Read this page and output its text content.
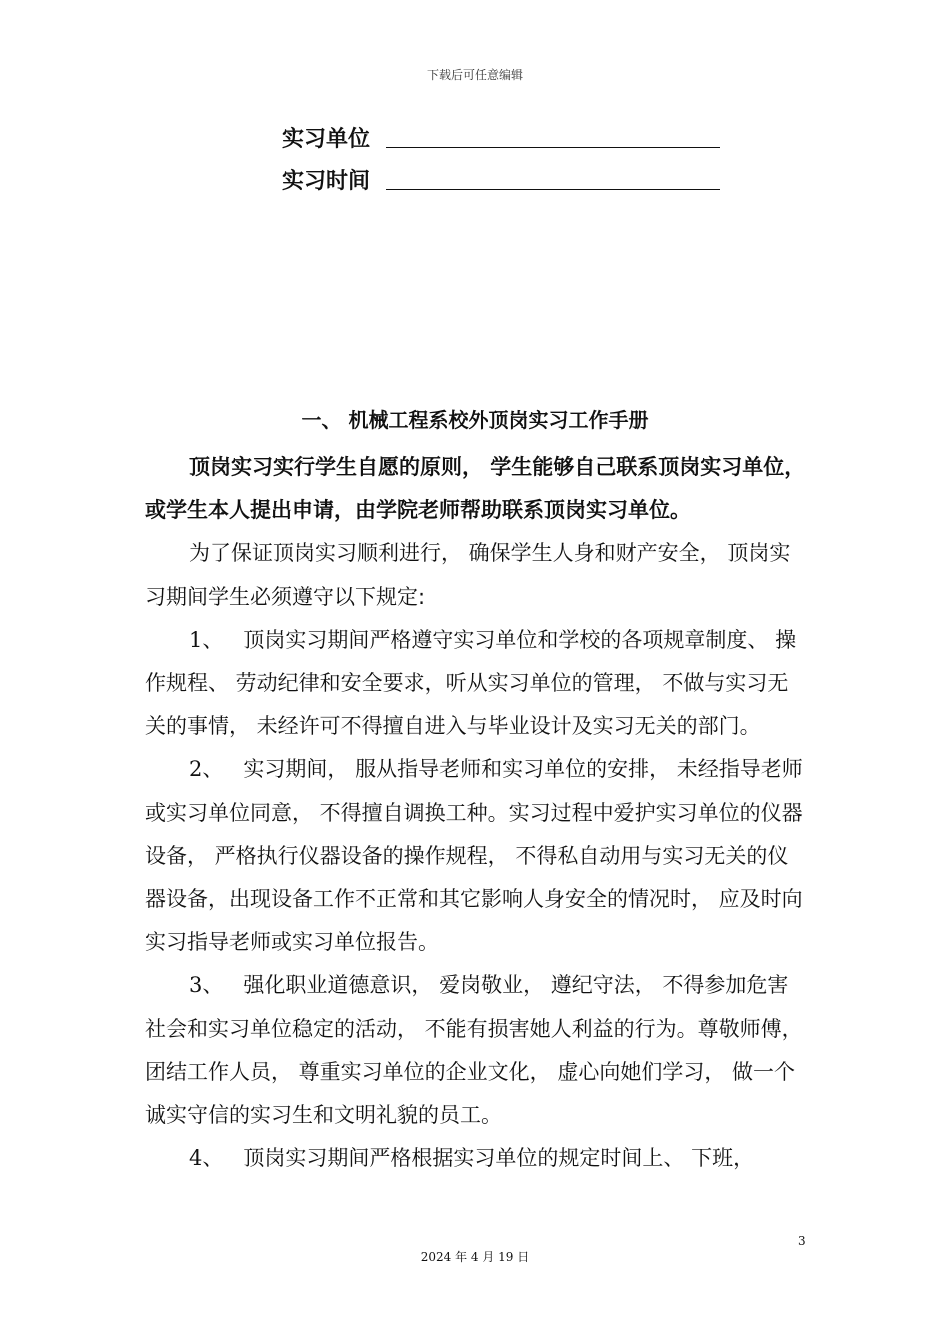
下载后可任意编辑
实习单位
实习时间
一、 机械工程系校外顶岗实习工作手册

顶岗实习实行学生自愿的原则， 学生能够自己联系顶岗实习单位，或学生本人提出申请，由学院老师帮助联系顶岗实习单位。

为了保证顶岗实习顺利进行， 确保学生人身和财产安全， 顶岗实习期间学生必须遵守以下规定:

1、 顶岗实习期间严格遵守实习单位和学校的各项规章制度、 操作规程、 劳动纪律和安全要求，听从实习单位的管理， 不做与实习无关的事情， 未经许可不得擅自进入与毕业设计及实习无关的部门。

2、 实习期间， 服从指导老师和实习单位的安排， 未经指导老师或实习单位同意， 不得擅自调换工种。实习过程中爱护实习单位的仪器设备， 严格执行仪器设备的操作规程， 不得私自动用与实习无关的仪器设备，出现设备工作不正常和其它影响人身安全的情况时， 应及时向实习指导老师或实习单位报告。

3、 强化职业道德意识， 爱岗敬业， 遵纪守法， 不得参加危害社会和实习单位稳定的活动， 不能有损害她人利益的行为。尊敬师傅， 团结工作人员， 尊重实习单位的企业文化， 虚心向她们学习， 做一个诚实守信的实习生和文明礼貌的员工。

4、 顶岗实习期间严格根据实习单位的规定时间上、 下班，

3
2024 年 4 月 19 日
